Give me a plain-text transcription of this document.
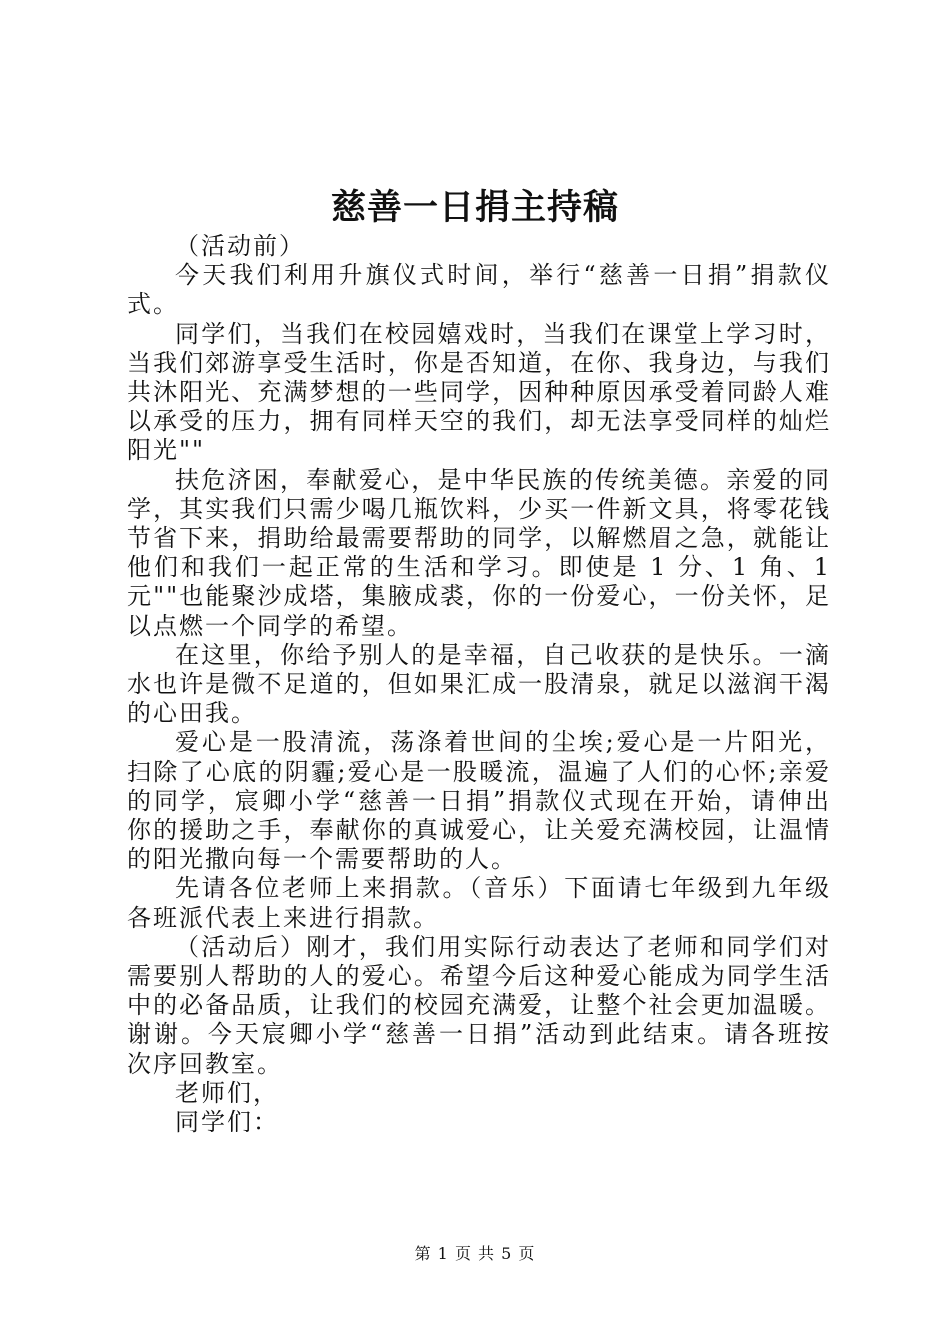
慈善一日捐主持稿

（活动前）

今天我们利用升旗仪式时间，举行“慈善一日捐”捐款仪式。

同学们，当我们在校园嬉戏时，当我们在课堂上学习时，当我们郊游享受生活时，你是否知道，在你、我身边，与我们共沐阳光、充满梦想的一些同学，因种种原因承受着同龄人难以承受的压力，拥有同样天空的我们，却无法享受同样的灿烂阳光""

扶危济困，奉献爱心，是中华民族的传统美德。亲爱的同学，其实我们只需少喝几瓶饮料，少买一件新文具，将零花钱节省下来，捐助给最需要帮助的同学，以解燃眉之急，就能让他们和我们一起正常的生活和学习。即使是 1 分、1 角、1 元""也能聚沙成塔，集腋成裘，你的一份爱心，一份关怀，足以点燃一个同学的希望。

在这里，你给予别人的是幸福，自己收获的是快乐。一滴水也许是微不足道的，但如果汇成一股清泉，就足以滋润干渴的心田我。

爱心是一股清流，荡涤着世间的尘埃;爱心是一片阳光，扫除了心底的阴霾;爱心是一股暖流，温遍了人们的心怀;亲爱的同学，宸卿小学“慈善一日捐”捐款仪式现在开始，请伸出你的援助之手，奉献你的真诚爱心，让关爱充满校园，让温情的阳光撒向每一个需要帮助的人。

先请各位老师上来捐款。（音乐）下面请七年级到九年级各班派代表上来进行捐款。

（活动后）刚才，我们用实际行动表达了老师和同学们对需要别人帮助的人的爱心。希望今后这种爱心能成为同学生活中的必备品质，让我们的校园充满爱，让整个社会更加温暖。谢谢。今天宸卿小学“慈善一日捐”活动到此结束。请各班按次序回教室。

老师们，

同学们：

第 1 页 共 5 页
